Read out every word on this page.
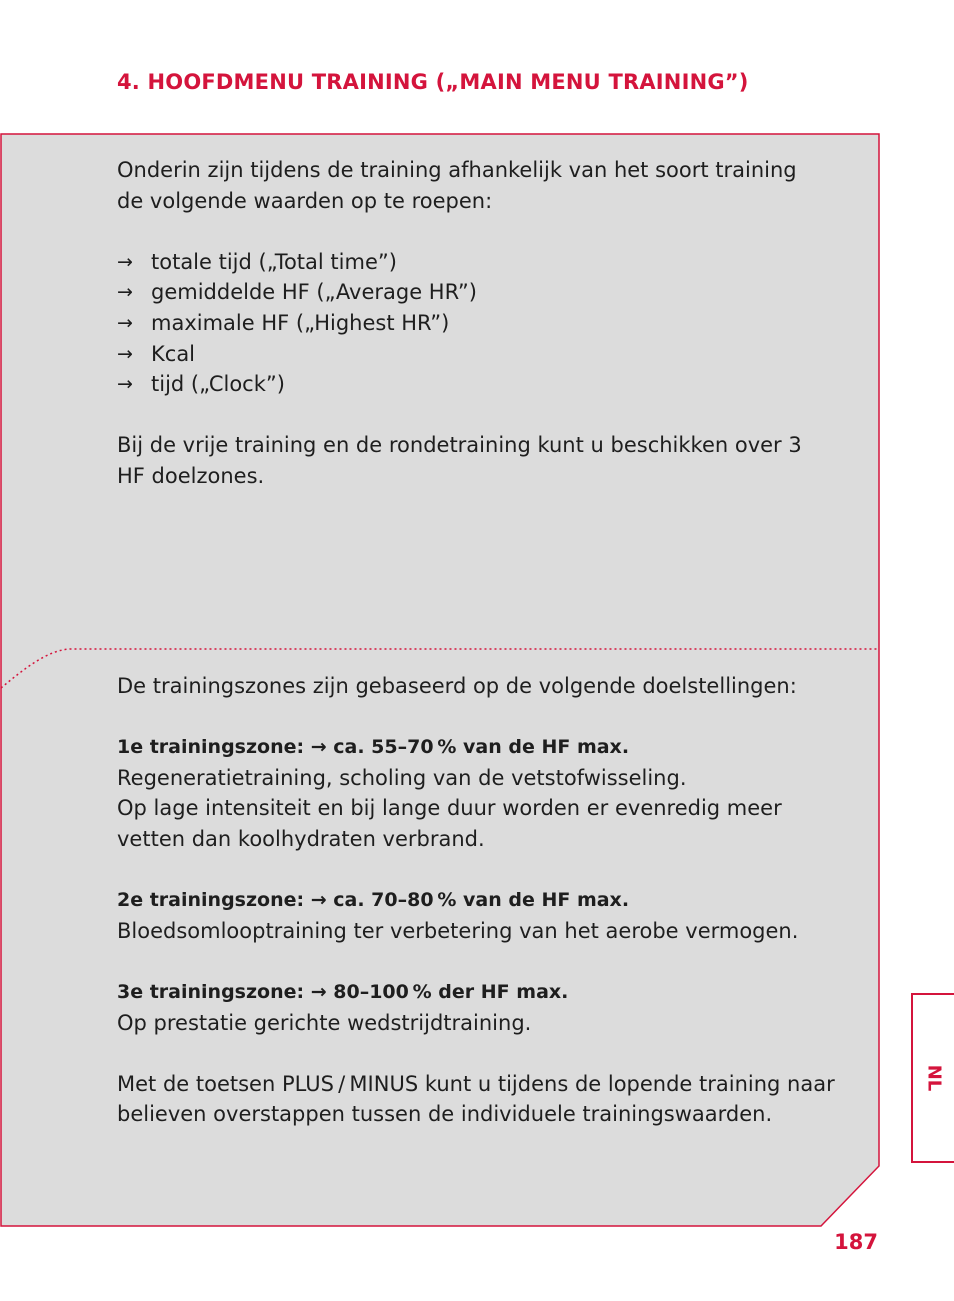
4. HOOFDMENU TRAINING („MAIN MENU TRAINING”)

Onderin zijn tijdens de training afhankelijk van het soort training de volgende waarden op te roepen:

→ totale tijd („Total time”)
→ gemiddelde HF („Average HR”)
→ maximale HF („Highest HR”)
→ Kcal
→ tijd („Clock”)

Bij de vrije training en de rondetraining kunt u beschikken over 3 HF doelzones.

De trainingszones zijn gebaseerd op de volgende doelstellingen:

1e trainingszone: → ca. 55–70 % van de HF max.

Regeneratietraining, scholing van de vetstofwisseling.

Op lage intensiteit en bij lange duur worden er evenredig meer vetten dan koolhydraten verbrand.

2e trainingszone: → ca. 70–80 % van de HF max.

Bloedsomlooptraining ter verbetering van het aerobe vermogen.

3e trainingszone: → 80–100 % der HF max.

Op prestatie gerichte wedstrijdtraining.

Met de toetsen PLUS / MINUS kunt u tijdens de lopende training naar believen overstappen tussen de individuele trainingswaarden.

NL
187
